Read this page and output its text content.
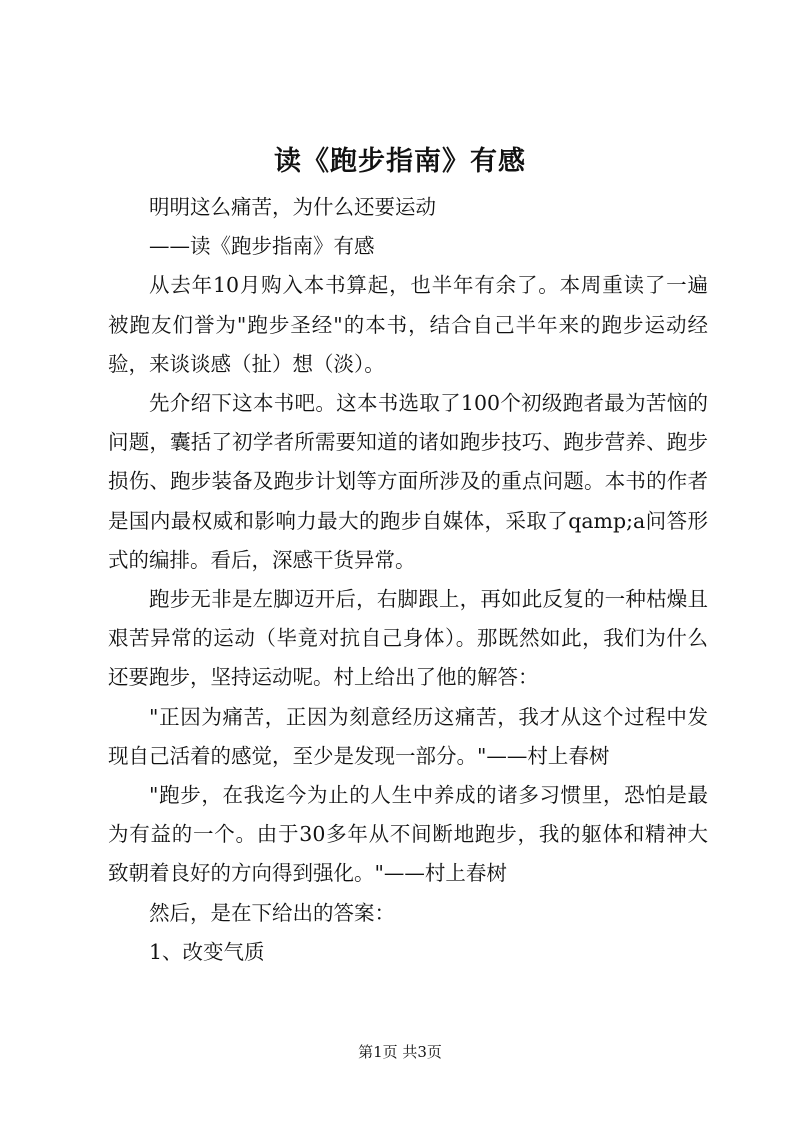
读《跑步指南》有感

明明这么痛苦，为什么还要运动

——读《跑步指南》有感

从去年10月购入本书算起，也半年有余了。本周重读了一遍被跑友们誉为"跑步圣经"的本书，结合自己半年来的跑步运动经验，来谈谈感（扯）想（淡）。

先介绍下这本书吧。这本书选取了100个初级跑者最为苦恼的问题，囊括了初学者所需要知道的诸如跑步技巧、跑步营养、跑步损伤、跑步装备及跑步计划等方面所涉及的重点问题。本书的作者是国内最权威和影响力最大的跑步自媒体，采取了qamp;a问答形式的编排。看后，深感干货异常。

跑步无非是左脚迈开后，右脚跟上，再如此反复的一种枯燥且艰苦异常的运动（毕竟对抗自己身体）。那既然如此，我们为什么还要跑步，坚持运动呢。村上给出了他的解答：

"正因为痛苦，正因为刻意经历这痛苦，我才从这个过程中发现自己活着的感觉，至少是发现一部分。"——村上春树

"跑步，在我迄今为止的人生中养成的诸多习惯里，恐怕是最为有益的一个。由于30多年从不间断地跑步，我的躯体和精神大致朝着良好的方向得到强化。"——村上春树

然后，是在下给出的答案：

1、改变气质

第1页 共3页
